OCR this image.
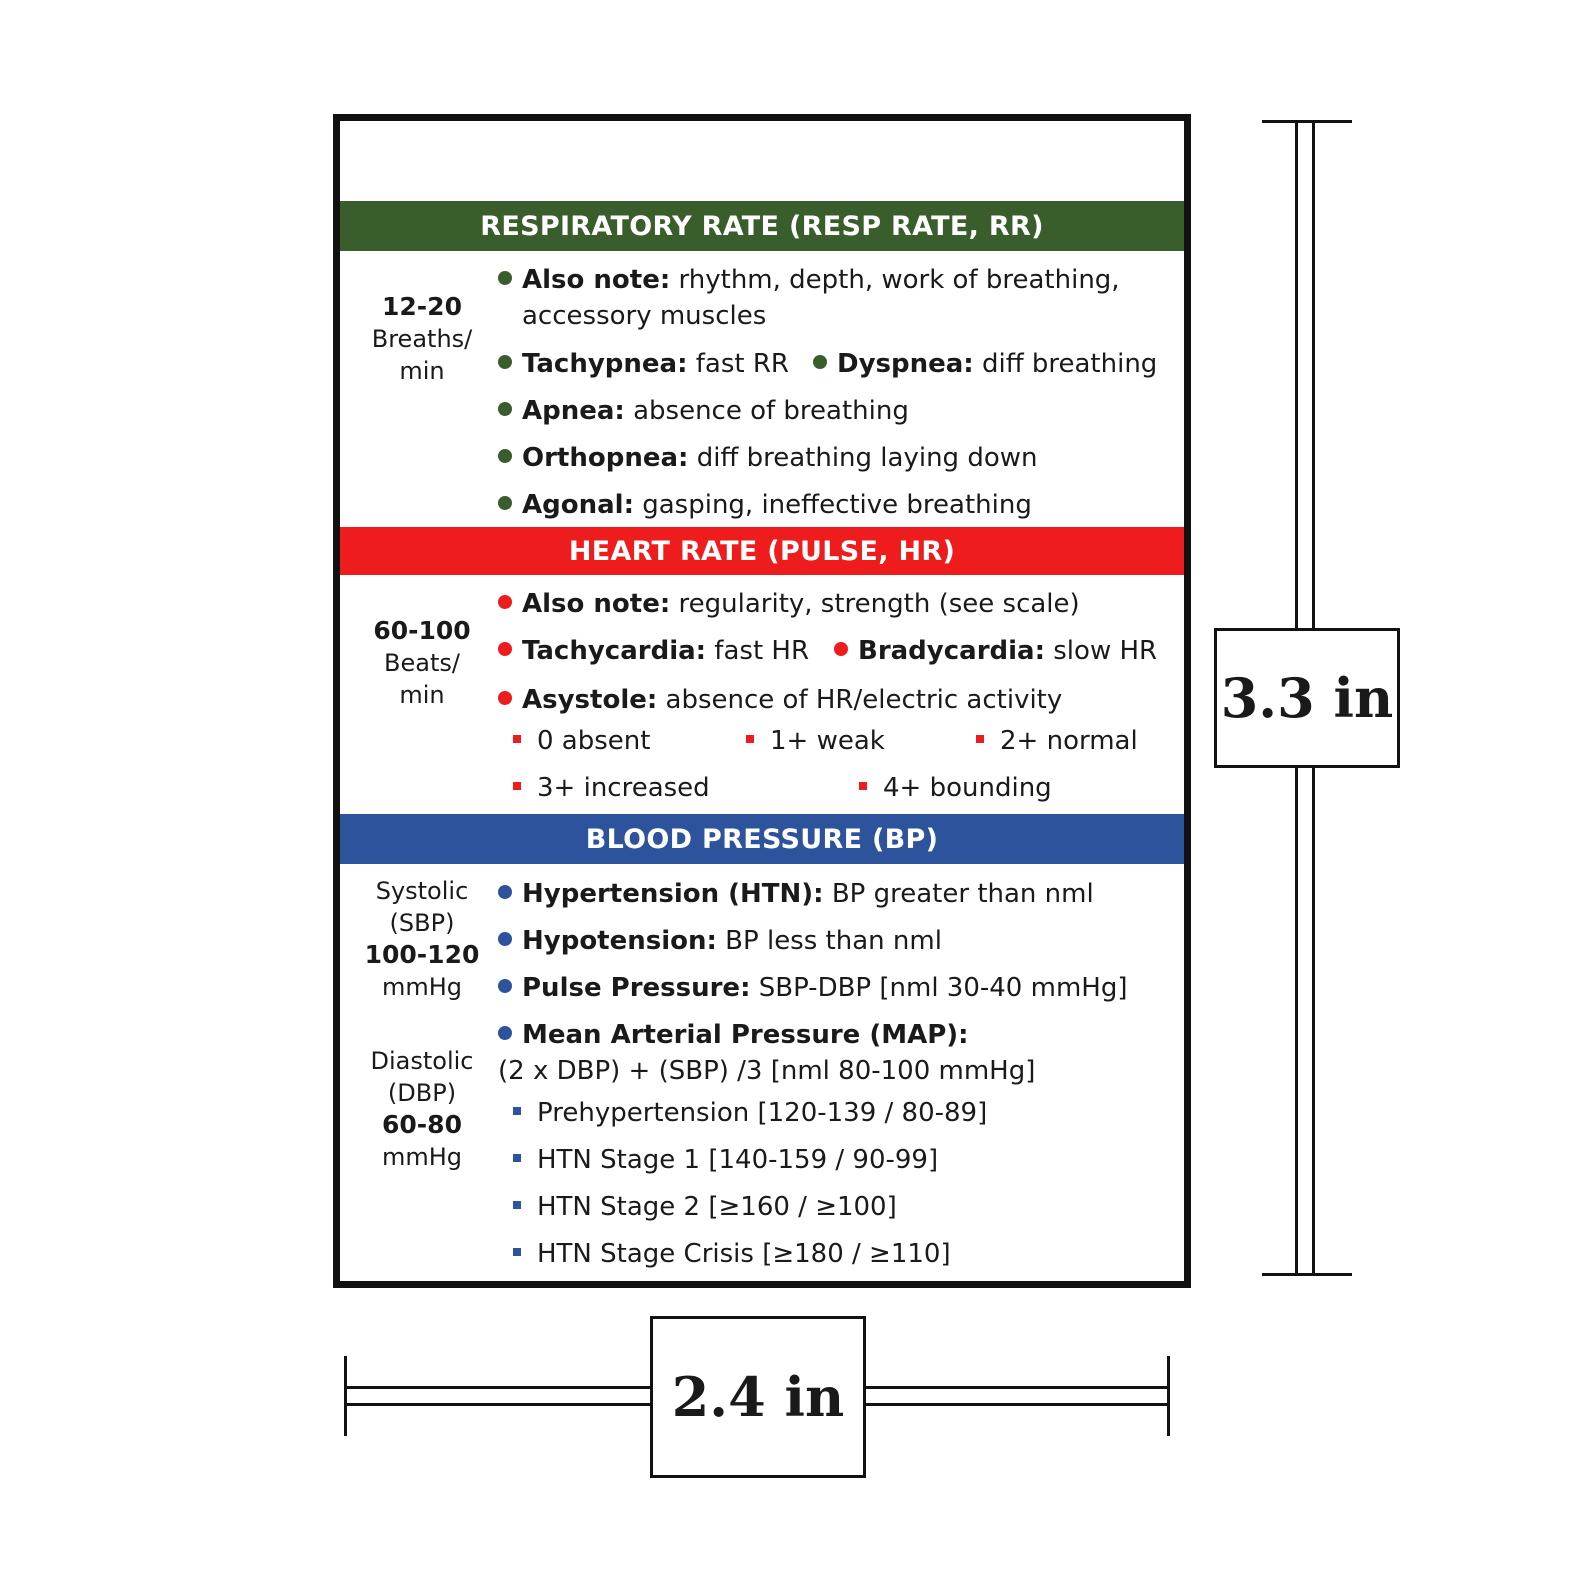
RESPIRATORY RATE (RESP RATE, RR)
12-20
Breaths/
min
Also note: rhythm, depth, work of breathing,
accessory muscles
Tachypnea: fast RR	Dyspnea: diff breathing
Apnea: absence of breathing
Orthopnea: diff breathing laying down
Agonal: gasping, ineffective breathing
HEART RATE (PULSE, HR)
60-100
Beats/
min
Also note: regularity, strength (see scale)
Tachycardia: fast HR	Bradycardia: slow HR
Asystole: absence of HR/electric activity
0 absent	1+ weak	2+ normal
3+ increased	4+ bounding
BLOOD PRESSURE (BP)
Systolic
(SBP)
100-120
mmHg
Diastolic
(DBP)
60-80
mmHg
Hypertension (HTN): BP greater than nml
Hypotension: BP less than nml
Pulse Pressure: SBP-DBP [nml 30-40 mmHg]
Mean Arterial Pressure (MAP):
(2 x DBP) + (SBP) /3 [nml 80-100 mmHg]
Prehypertension [120-139 / 80-89]
HTN Stage 1 [140-159 / 90-99]
HTN Stage 2 [≥160 / ≥100]
HTN Stage Crisis [≥180 / ≥110]
3.3 in
2.4 in
